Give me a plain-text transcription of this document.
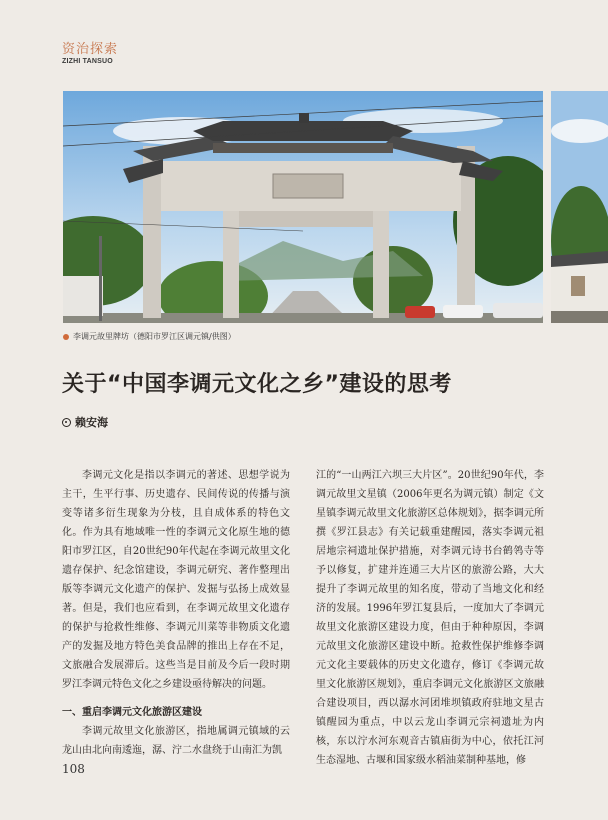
资治探索
ZIZHI TANSUO
李调元故里牌坊（德阳市罗江区调元镇/供图）
关于“中国李调元文化之乡”建设的思考
赖安海

李调元文化是指以李调元的著述、思想学说为主干，生平行事、历史遗存、民间传说的传播与演变等诸多衍生现象为分枝，且自成体系的特色文化。作为具有地域唯一性的李调元文化原生地的德阳市罗江区，自20世纪90年代起在李调元故里文化遗存保护、纪念馆建设，李调元研究、著作整理出版等李调元文化遗产的保护、发掘与弘扬上成效显著。但是，我们也应看到，在李调元故里文化遗存的保护与抢救性维修、李调元川菜等非物质文化遗产的发掘及地方特色美食品牌的推出上存在不足，文旅融合发展滞后。这些当是目前及今后一段时期罗江李调元特色文化之乡建设亟待解决的问题。

一、重启李调元文化旅游区建设

李调元故里文化旅游区，指地属调元镇域的云龙山由北向南逶迤，潺、泞二水盘绕于山南汇为凯

江的“一山两江六坝三大片区”。20世纪90年代，李调元故里文星镇（2006年更名为调元镇）制定《文星镇李调元故里文化旅游区总体规划》，据李调元所撰《罗江县志》有关记载重建醒园，落实李调元祖居地宗祠遗址保护措施，对李调元诗书台鹤鸰寺等予以修复，扩建并连通三大片区的旅游公路，大大提升了李调元故里的知名度，带动了当地文化和经济的发展。1996年罗江复县后，一度加大了李调元故里文化旅游区建设力度，但由于种种原因，李调元故里文化旅游区建设中断。抢救性保护维修李调元文化主要载体的历史文化遗存，修订《李调元故里文化旅游区规划》，重启李调元文化旅游区文旅融合建设项目，西以潺水河团堆坝镇政府驻地文星古镇醒园为重点，中以云龙山李调元宗祠遗址为内核，东以泞水河东观音古镇庙街为中心，依托江河生态湿地、古堰和国家级水稻油菜制种基地，修

108
